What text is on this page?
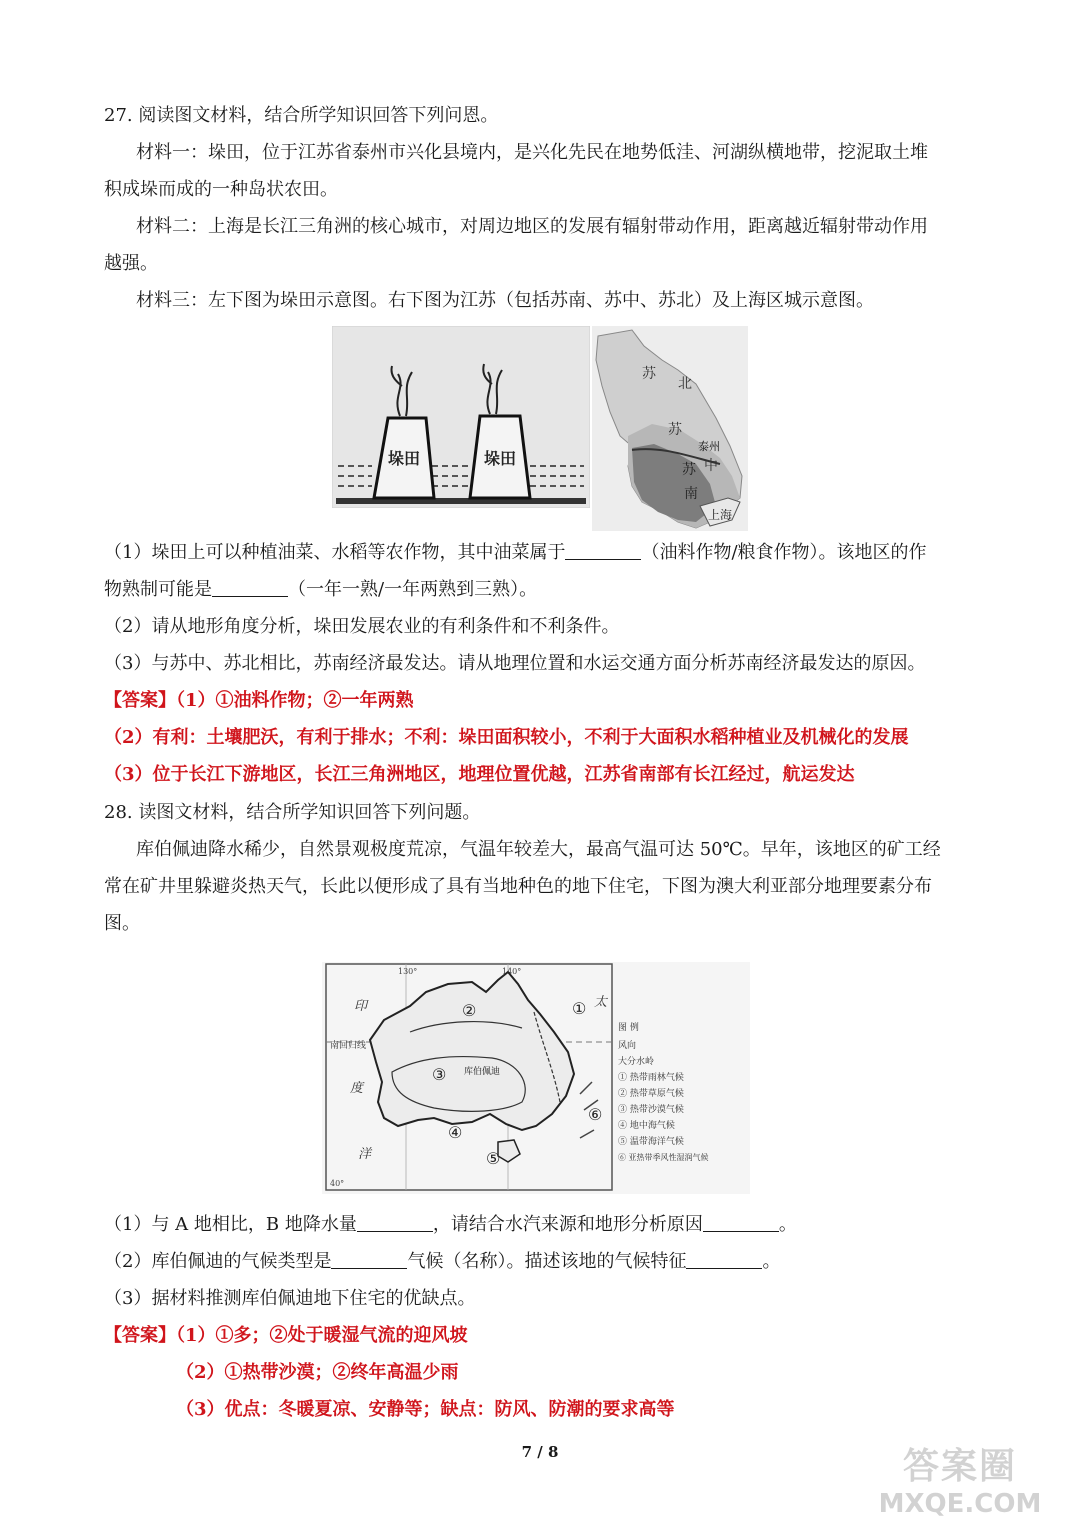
27. 阅读图文材料，结合所学知识回答下列问恩。
材料一：垛田，位于江苏省泰州市兴化县境内，是兴化先民在地势低洼、河湖纵横地带，挖泥取土堆
积成垛而成的一种岛状农田。
材料二：上海是长江三角洲的核心城市，对周边地区的发展有辐射带动作用，距离越近辐射带动作用
越强。
材料三：左下图为垛田示意图。右下图为江苏（包括苏南、苏中、苏北）及上海区城示意图。
垛田	垛田
苏
北
苏
泰州
中
苏
南
上海
（1）垛田上可以种植油菜、水稻等农作物，其中油菜属于	（油料作物/粮食作物）。该地区的作
物熟制可能是	（一年一熟/一年两熟到三熟）。
（2）请从地形角度分析，垛田发展农业的有利条件和不利条件。
（3）与苏中、苏北相比，苏南经济最发达。请从地理位置和水运交通方面分析苏南经济最发达的原因。
【答案】（1）①油料作物；②一年两熟
（2）有利：土壤肥沃，有利于排水；不利：垛田面积较小，不利于大面积水稻种植业及机械化的发展
（3）位于长江下游地区，长江三角洲地区，地理位置优越，江苏省南部有长江经过，航运发达
28. 读图文材料，结合所学知识回答下列问题。
库伯佩迪降水稀少，自然景观极度荒凉，气温年较差大，最高气温可达 50℃。早年，该地区的矿工经
常在矿井里躲避炎热天气，长此以便形成了具有当地种色的地下住宅，下图为澳大利亚部分地理要素分布
图。
130°	140°
南回归线
40°
①
②
③
④
⑤
⑥
库伯佩迪
印
度
洋
太
图 例
风向
大分水岭
① 热带雨林气候
② 热带草原气候
③ 热带沙漠气候
④ 地中海气候
⑤ 温带海洋气候
⑥ 亚热带季风性湿润气候
（1）与 A 地相比，B 地降水量	，请结合水汽来源和地形分析原因	。
（2）库伯佩迪的气候类型是	气候（名称）。描述该地的气候特征	。
（3）据材料推测库伯佩迪地下住宅的优缺点。
【答案】（1）①多；②处于暖湿气流的迎风坡
（2）①热带沙漠；②终年高温少雨
（3）优点：冬暖夏凉、安静等；缺点：防风、防潮的要求高等
7 / 8	答案圈
MXQE.COM
